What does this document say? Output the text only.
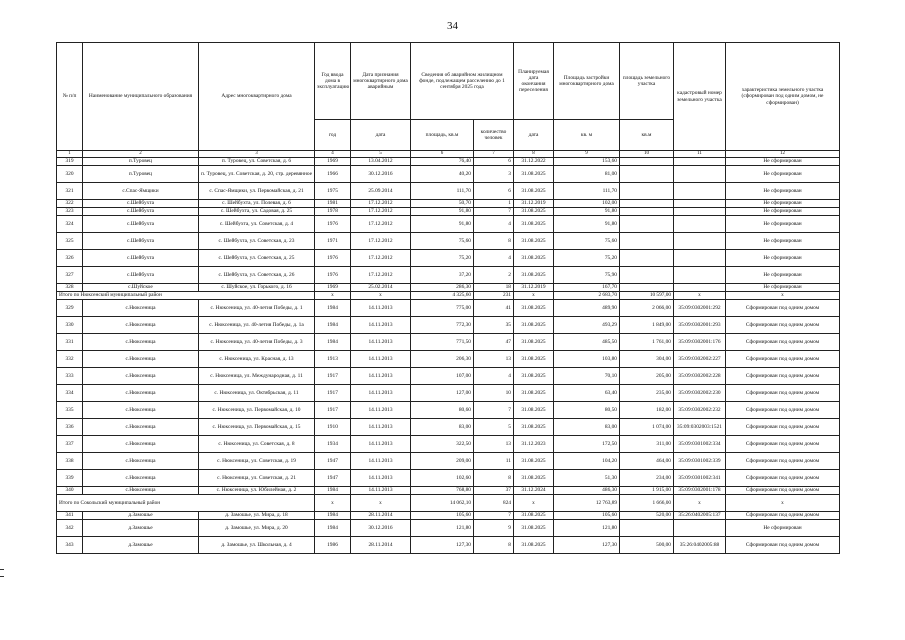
34
№ п/п	Наименование муниципального образования	Адрес многоквартирного дома	Год ввода дома в эксплуатацию	Дата признания многоквартирного дома аварийным	Сведения об аварийном жилищном фонде, подлежащем расселению до 1 сентября 2025 года		Планируемая дата окончания переселения	Площадь застройки многоквартирного дома	площадь земельного участка	кадастровый номер земельного участка	характеристика земельного участка (сформирован под одним домом, не сформирован)
			год	дата	площадь, кв.м	количество человек	дата	кв. м	кв.м		
1	2	3	4	5	6	7	8	9	10	11	12
319	п.Туровец	п. Туровец, ул. Советская, д. 6	1969	13.04.2012	76,40	6	31.12.2022	153,60			Не сформирован
320	п.Туровец	п. Туровец, ул. Советская, д. 20, стр. деревянное	1966	30.12.2016	40,20	3	31.08.2025	81,00			Не сформирован
321	с.Спас-Ямщики	с. Спас-Ямщики, ул. Первомайская, д. 21	1975	25.09.2014	111,70	6	31.08.2025	111,70			Не сформирован
322	с.Шейбухта	с. Шейбухта, ул. Полевая, д. 6	1981	17.12.2012	50,70	1	31.12.2019	102,00			Не сформирован
323	с.Шейбухта	с. Шейбухта, ул. Садовая, д. 25	1978	17.12.2012	91,80	7	31.08.2025	91,80			Не сформирован
324	с.Шейбухта	с. Шейбухта, ул. Советская, д. 4	1976	17.12.2012	91,80	4	31.08.2025	91,80			Не сформирован
325	с.Шейбухта	с. Шейбухта, ул. Советская, д. 23	1971	17.12.2012	75,60	8	31.08.2025	75,60			Не сформирован
326	с.Шейбухта	с. Шейбухта, ул. Советская, д. 25	1976	17.12.2012	75,20	4	31.08.2025	75,20			Не сформирован
327	с.Шейбухта	с. Шейбухта, ул. Советская, д. 26	1976	17.12.2012	37,20	2	31.08.2025	75,90			Не сформирован
328	с.Шуйское	с. Шуйское, ул. Горького, д. 16	1969	25.02.2014	286,30	18	31.12.2019	167,70			Не сформирован
Итого по Нюксенский муниципальный район			x	x	4 325,60	231	x	2 683,70	10 597,00	x	x
329	с.Нюксеница	с. Нюксеница, ул. 40-летия Победы, д. 1	1984	14.11.2013	775,00	41	31.08.2025	489,90	2 066,00	35:09:0302001:292	Сформирован под одним домом
330	с.Нюксеница	с. Нюксеница, ул. 40-летия Победы, д. 1а	1984	14.11.2013	772,30	35	31.08.2025	493,29	1 849,00	35:09:0302001:293	Сформирован под одним домом
331	с.Нюксеница	с. Нюксеница, ул. 40-летия Победы, д. 3	1984	14.11.2013	771,50	47	31.08.2025	485,50	1 761,00	35:09:0302001:176	Сформирован под одним домом
332	с.Нюксеница	с. Нюксеница, ул. Красная, д. 13	1913	14.11.2013	206,30	13	31.08.2025	103,80	304,00	35:09:0302002:227	Сформирован под одним домом
333	с.Нюксеница	с. Нюксеница, ул. Международная, д. 11	1917	14.11.2013	107,00	4	31.08.2025	70,10	205,00	35:09:0302002:228	Сформирован под одним домом
334	с.Нюксеница	с. Нюксеница, ул. Октябрьская, д. 11	1917	14.11.2013	127,00	10	31.08.2025	63,40	235,00	35:09:0302002:230	Сформирован под одним домом
335	с.Нюксеница	с. Нюксеница, ул. Первомайская, д. 10	1917	14.11.2013	80,60	7	31.08.2025	80,50	182,00	35:09:0302002:232	Сформирован под одним домом
336	с.Нюксеница	с. Нюксеница, ул. Первомайская, д. 15	1910	14.11.2013	83,00	5	31.08.2025	83,00	1 074,00	35:09:0302003:1521	Сформирован под одним домом
337	с.Нюксеница	с. Нюксеница, ул. Советская, д. 8	1934	14.11.2013	322,50	13	31.12.2023	172,50	311,00	35:09:0301002:334	Сформирован под одним домом
338	с.Нюксеница	с. Нюксеница, ул. Советская, д. 19	1947	14.11.2013	209,00	11	31.08.2025	104,20	464,00	35:09:0301002:339	Сформирован под одним домом
339	с.Нюксеница	с. Нюксеница, ул. Советская, д. 21	1947	14.11.2013	102,60	8	31.08.2025	51,30	234,00	35:09:0301002:341	Сформирован под одним домом
340	с.Нюксеница	с. Нюксеница, ул. Юбилейная, д. 2	1984	14.11.2013	768,80	37	31.12.2024	486,30	1 915,00	35:09:0302001:178	Сформирован под одним домом
Итого по Сокольский муниципальный район			x	x	14 062,10	824	x	12 763,89	1 666,00	x	x
341	д.Замошье	д. Замошье, ул. Мира, д. 18	1984	28.11.2014	105,60	7	31.08.2025	105,60	520,00	35:26:0402005:137	Сформирован под одним домом
342	д.Замошье	д. Замошье, ул. Мира, д. 20	1984	30.12.2016	121,80	9	31.08.2025	121,80			Не сформирован
343	д.Замошье	д. Замошье, ул. Школьная, д. 4	1986	28.11.2014	127,30	8	31.08.2025	127,30	500,00	35:26:0402005:88	Сформирован под одним домом
